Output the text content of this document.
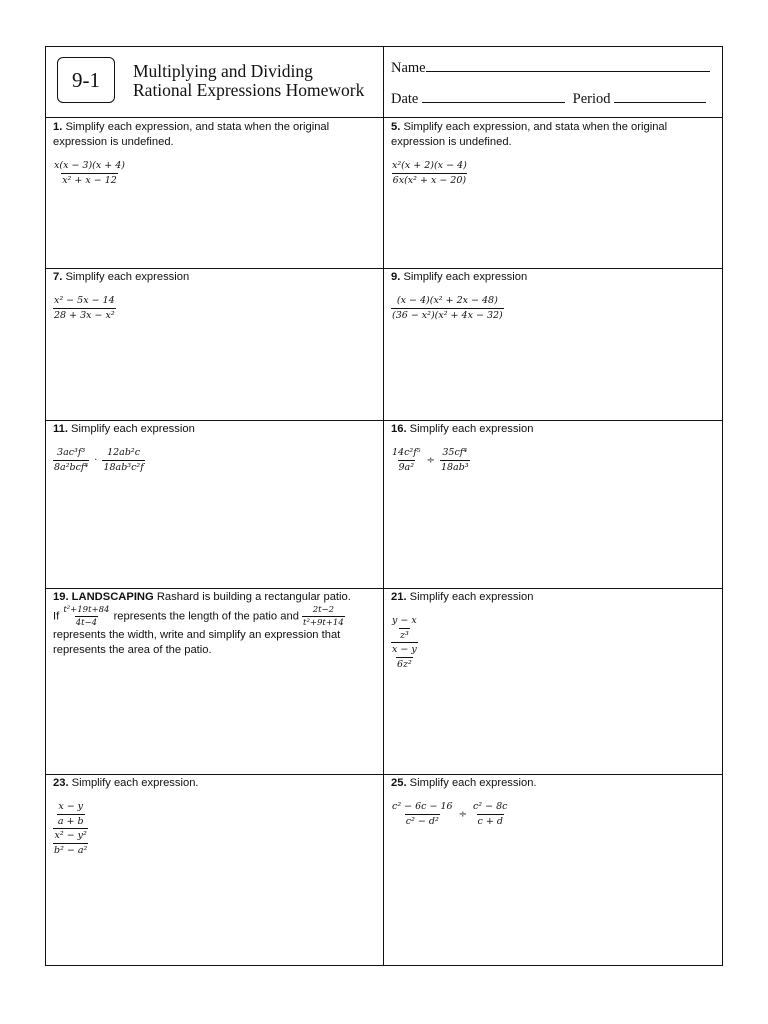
9-1	Multiplying and Dividing
Rational Expressions Homework
Name
Date	Period
1. Simplify each expression, and stata when the original expression is undefined.
$\frac{x(x - 3)(x + 4)}{\text{x² + x − 12}}$
5. Simplify each expression, and stata when the original expression is undefined.
$\frac{\text{x²(x + 2)(x − 4)}}{\text{6x(x² + x − 20)}}$
7. Simplify each expression
$\frac{\text{x² − 5x − 14}}{\text{28 + 3x − x²}}$
9. Simplify each expression
$\frac{\text{(x − 4)(x² + 2x − 48)}}{\text{(36 − x²)(x² + 4x − 32)}}$
11. Simplify each expression
$\frac{\text{3ac³f³}}{\text{8a²bcf⁴}} \cdot \frac{\text{12ab²c}}{\text{18ab³c²f}}$
16. Simplify each expression
$\frac{\text{14c²f⁵}}{\text{9a²}} \div \frac{\text{35cf⁴}}{\text{18ab³}}$
19. LANDSCAPING Rashard is building a rectangular patio.
If $\frac{\text{t²+19t+84}}{4t-4}$ represents the length of the patio and $\frac{2t-2}{\text{t²+9t+14}}$
represents the width, write and simplify an expression that represents the area of the patio.
21. Simplify each expression
$\frac{y - x}{\text{z³}}$
$\frac{x - y}{\text{6z²}}$
23. Simplify each expression.
$\frac{x - y}{a + b}$
$\frac{\text{x² − y²}}{\text{b² − a²}}$
25. Simplify each expression.
$\frac{\text{c² − 6c − 16}}{\text{c² − d²}} \div \frac{\text{c² − 8c}}{c + d}$
